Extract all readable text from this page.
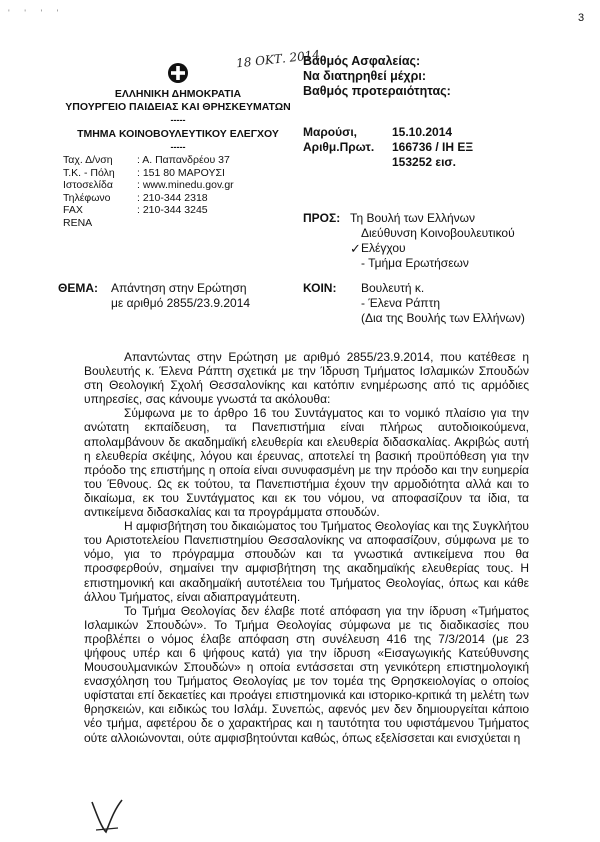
' ' ' '	3
18 ΟΚΤ. 2014
ΕΛΛΗΝΙΚΗ ΔΗΜΟΚΡΑΤΙΑ
ΥΠΟΥΡΓΕΙΟ ΠΑΙΔΕΙΑΣ ΚΑΙ ΘΡΗΣΚΕΥΜΑΤΩΝ
-----
ΤΜΗΜΑ ΚΟΙΝΟΒΟΥΛΕΥΤΙΚΟΥ ΕΛΕΓΧΟΥ
-----
Ταχ. Δ/νση : Α. Παπανδρέου 37
Τ.Κ. - Πόλη : 151 80 ΜΑΡΟΥΣΙ
Ιστοσελίδα : www.minedu.gov.gr
Τηλέφωνο	: 210-344 2318
FAX	: 210-344 3245
RENA
Βαθμός Ασφαλείας:
Να διατηρηθεί μέχρι:
Βαθμός προτεραιότητας:
Μαρούσι,	15.10.2014
Αριθμ.Πρωτ. 166736 / ΙΗ ΕΞ
153252 εισ.
ΠΡΟΣ: Τη Βουλή των Ελλήνων
Διεύθυνση Κοινοβουλευτικού
Ελέγχου
✓
- Τμήμα Ερωτήσεων
ΘΕΜΑ: Απάντηση στην Ερώτηση
με αριθμό 2855/23.9.2014
ΚΟΙΝ: Βουλευτή κ.
- Έλενα Ράπτη
(Δια της Βουλής των Ελλήνων)

Απαντώντας στην Ερώτηση με αριθμό 2855/23.9.2014, που κατέθεσε η Βουλευτής κ. Έλενα Ράπτη σχετικά με την Ίδρυση Τμήματος Ισλαμικών Σπουδών στη Θεολογική Σχολή Θεσσαλονίκης και κατόπιν ενημέρωσης από τις αρμόδιες υπηρεσίες, σας κάνουμε γνωστά τα ακόλουθα:

Σύμφωνα με το άρθρο 16 του Συντάγματος και το νομικό πλαίσιο για την ανώτατη εκπαίδευση, τα Πανεπιστήμια είναι πλήρως αυτοδιοικούμενα, απολαμβάνουν δε ακαδημαϊκή ελευθερία και ελευθερία διδασκαλίας. Ακριβώς αυτή η ελευθερία σκέψης, λόγου και έρευνας, αποτελεί τη βασική προϋπόθεση για την πρόοδο της επιστήμης η οποία είναι συνυφασμένη με την πρόοδο και την ευημερία του Έθνους. Ως εκ τούτου, τα Πανεπιστήμια έχουν την αρμοδιότητα αλλά και το δικαίωμα, εκ του Συντάγματος και εκ του νόμου, να αποφασίζουν τα ίδια, τα αντικείμενα διδασκαλίας και τα προγράμματα σπουδών.

Η αμφισβήτηση του δικαιώματος του Τμήματος Θεολογίας και της Συγκλήτου του Αριστοτελείου Πανεπιστημίου Θεσσαλονίκης να αποφασίζουν, σύμφωνα με το νόμο, για το πρόγραμμα σπουδών και τα γνωστικά αντικείμενα που θα προσφερθούν, σημαίνει την αμφισβήτηση της ακαδημαϊκής ελευθερίας τους. Η επιστημονική και ακαδημαϊκή αυτοτέλεια του Τμήματος Θεολογίας, όπως και κάθε άλλου Τμήματος, είναι αδιαπραγμάτευτη.

Το Τμήμα Θεολογίας δεν έλαβε ποτέ απόφαση για την ίδρυση «Τμήματος Ισλαμικών Σπουδών». Το Τμήμα Θεολογίας σύμφωνα με τις διαδικασίες που προβλέπει ο νόμος έλαβε απόφαση στη συνέλευση 416 της 7/3/2014 (με 23 ψήφους υπέρ και 6 ψήφους κατά) για την ίδρυση «Εισαγωγικής Κατεύθυνσης Μουσουλμανικών Σπουδών» η οποία εντάσσεται στη γενικότερη επιστημολογική ενασχόληση του Τμήματος Θεολογίας με τον τομέα της Θρησκειολογίας ο οποίος υφίσταται επί δεκαετίες και προάγει επιστημονικά και ιστορικο-κριτικά τη μελέτη των θρησκειών, και ειδικώς του Ισλάμ. Συνεπώς, αφενός μεν δεν δημιουργείται κάποιο νέο τμήμα, αφετέρου δε ο χαρακτήρας και η ταυτότητα του υφιστάμενου Τμήματος ούτε αλλοιώνονται, ούτε αμφισβητούνται καθώς, όπως εξελίσσεται και ενισχύεται η
